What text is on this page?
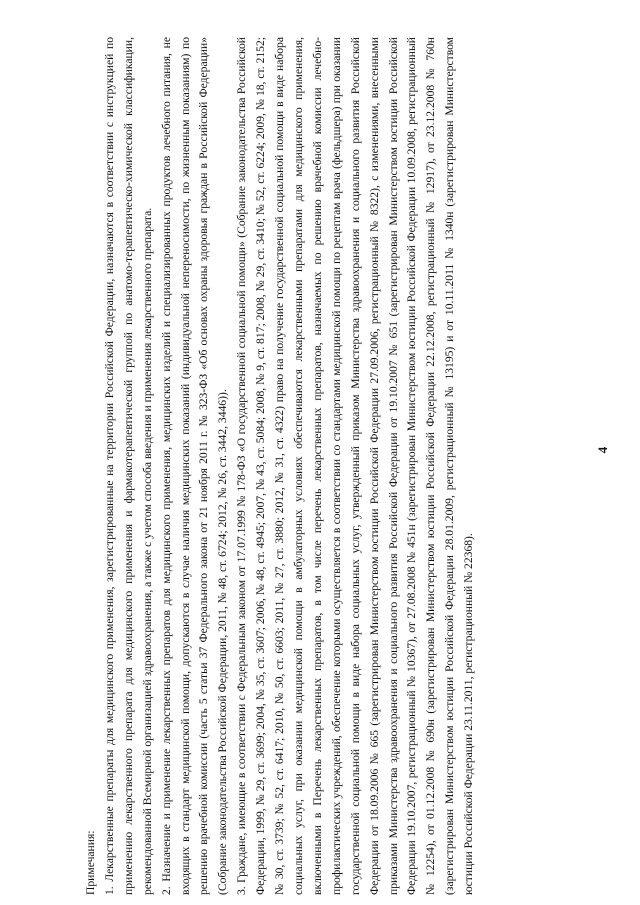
4

Примечания: 1. Лекарственные препараты для медицинского применения, зарегистрированные на территории Российской Федерации, назначаются в соответствии с инструкцией по применению лекарственного препарата для медицинского применения и фармакотерапевтической группой по анатомо-терапевтическо-химической классификации, рекомендованной Всемирной организацией здравоохранения, а также с учетом способа введения и применения лекарственного препарата. 2. Назначение и применение лекарственных препаратов для медицинского применения, медицинских изделий и специализированных продуктов лечебного питания, не входящих в стандарт медицинской помощи, допускаются в случае наличия медицинских показаний (индивидуальной непереносимости, по жизненным показаниям) по решению врачебной комиссии (часть 5 статьи 37 Федерального закона от 21 ноября 2011 г. № 323-ФЗ «Об основах охраны здоровья граждан в Российской Федерации» (Собрание законодательства Российской Федерации, 2011, № 48, ст. 6724; 2012, № 26, ст. 3442, 3446)). 3. Граждане, имеющие в соответствии с Федеральным законом от 17.07.1999 № 178-ФЗ «О государственной социальной помощи» (Собрание законодательства Российской Федерации, 1999, № 29, ст. 3699; 2004, № 35, ст. 3607; 2006, № 48, ст. 4945; 2007, № 43, ст. 5084; 2008, № 9, ст. 817; 2008, № 29, ст. 3410; № 52, ст. 6224; 2009, № 18, ст. 2152; № 30, ст. 3739; № 52, ст. 6417; 2010, № 50, ст. 6603; 2011, № 27, ст. 3880; 2012, № 31, ст. 4322) право на получение государственной социальной помощи в виде набора социальных услуг, при оказании медицинской помощи в амбулаторных условиях обеспечиваются лекарственными препаратами для медицинского применения, включенными в Перечень лекарственных препаратов, в том числе перечень лекарственных препаратов, назначаемых по решению врачебной комиссии лечебно-профилактических учреждений, обеспечение которыми осуществляется в соответствии со стандартами медицинской помощи по рецептам врача (фельдшера) при оказании государственной социальной помощи в виде набора социальных услуг, утвержденный приказом Министерства здравоохранения и социального развития Российской Федерации от 18.09.2006 № 665 (зарегистрирован Министерством юстиции Российской Федерации 27.09.2006, регистрационный № 8322), с изменениями, внесенными приказами Министерства здравоохранения и социального развития Российской Федерации от 19.10.2007 № 651 (зарегистрирован Министерством юстиции Российской Федерации 19.10.2007, регистрационный № 10367), от 27.08.2008 № 451н (зарегистрирован Министерством юстиции Российской Федерации 10.09.2008, регистрационный № 12254), от 01.12.2008 № 690н (зарегистрирован Министерством юстиции Российской Федерации 22.12.2008, регистрационный № 12917), от 23.12.2008 № 760н (зарегистрирован Министерством юстиции Российской Федерации 28.01.2009, регистрационный № 13195) и от 10.11.2011 № 1340н (зарегистрирован Министерством юстиции Российской Федерации 23.11.2011, регистрационный № 22368).
